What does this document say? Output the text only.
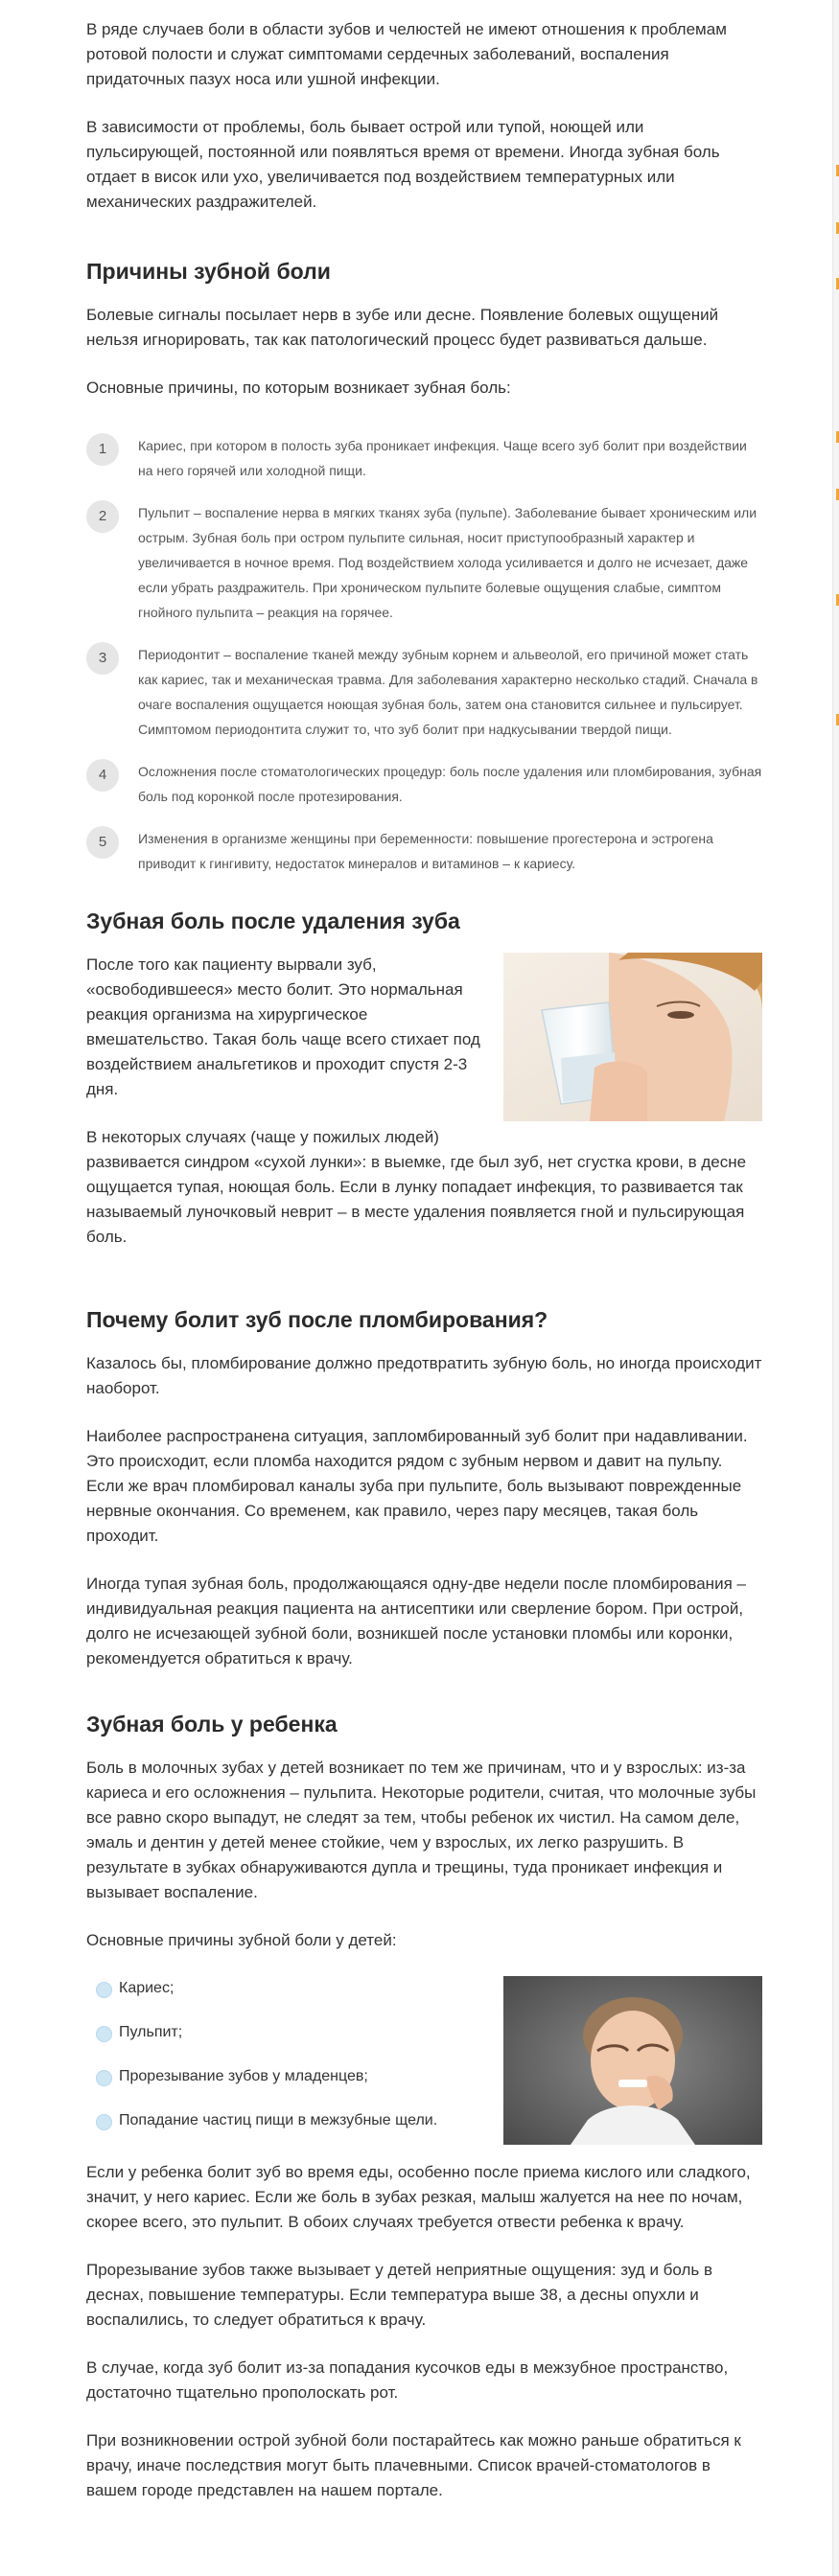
В ряде случаев боли в области зубов и челюстей не имеют отношения к проблемам ротовой полости и служат симптомами сердечных заболеваний, воспаления придаточных пазух носа или ушной инфекции.

В зависимости от проблемы, боль бывает острой или тупой, ноющей или пульсирующей, постоянной или появляться время от времени. Иногда зубная боль отдает в висок или ухо, увеличивается под воздействием температурных или механических раздражителей.

Причины зубной боли

Болевые сигналы посылает нерв в зубе или десне. Появление болевых ощущений нельзя игнорировать, так как патологический процесс будет развиваться дальше.

Основные причины, по которым возникает зубная боль:

1	Кариес, при котором в полость зуба проникает инфекция. Чаще всего зуб болит при воздействии на него горячей или холодной пищи.
2	Пульпит – воспаление нерва в мягких тканях зуба (пульпе). Заболевание бывает хроническим или острым. Зубная боль при остром пульпите сильная, носит приступообразный характер и увеличивается в ночное время. Под воздействием холода усиливается и долго не исчезает, даже если убрать раздражитель. При хроническом пульпите болевые ощущения слабые, симптом гнойного пульпита – реакция на горячее.
3	Периодонтит – воспаление тканей между зубным корнем и альвеолой, его причиной может стать как кариес, так и механическая травма. Для заболевания характерно несколько стадий. Сначала в очаге воспаления ощущается ноющая зубная боль, затем она становится сильнее и пульсирует. Симптомом периодонтита служит то, что зуб болит при надкусывании твердой пищи.
4	Осложнения после стоматологических процедур: боль после удаления или пломбирования, зубная боль под коронкой после протезирования.
5	Изменения в организме женщины при беременности: повышение прогестерона и эстрогена приводит к гингивиту, недостаток минералов и витаминов – к кариесу.
Зубная боль после удаления зуба

После того как пациенту вырвали зуб, «освободившееся» место болит. Это нормальная реакция организма на хирургическое вмешательство. Такая боль чаще всего стихает под воздействием анальгетиков и проходит спустя 2-3 дня.

В некоторых случаях (чаще у пожилых людей) развивается синдром «сухой лунки»: в выемке, где был зуб, нет сгустка крови, в десне ощущается тупая, ноющая боль. Если в лунку попадает инфекция, то развивается так называемый луночковый неврит – в месте удаления появляется гной и пульсирующая боль.

Почему болит зуб после пломбирования?

Казалось бы, пломбирование должно предотвратить зубную боль, но иногда происходит наоборот.

Наиболее распространена ситуация, запломбированный зуб болит при надавливании. Это происходит, если пломба находится рядом с зубным нервом и давит на пульпу. Если же врач пломбировал каналы зуба при пульпите, боль вызывают поврежденные нервные окончания. Со временем, как правило, через пару месяцев, такая боль проходит.

Иногда тупая зубная боль, продолжающаяся одну-две недели после пломбирования – индивидуальная реакция пациента на антисептики или сверление бором. При острой, долго не исчезающей зубной боли, возникшей после установки пломбы или коронки, рекомендуется обратиться к врачу.

Зубная боль у ребенка

Боль в молочных зубах у детей возникает по тем же причинам, что и у взрослых: из-за кариеса и его осложнения – пульпита. Некоторые родители, считая, что молочные зубы все равно скоро выпадут, не следят за тем, чтобы ребенок их чистил. На самом деле, эмаль и дентин у детей менее стойкие, чем у взрослых, их легко разрушить. В результате в зубках обнаруживаются дупла и трещины, туда проникает инфекция и вызывает воспаление.

Основные причины зубной боли у детей:

Кариес;
Пульпит;
Прорезывание зубов у младенцев;
Попадание частиц пищи в межзубные щели.

Если у ребенка болит зуб во время еды, особенно после приема кислого или сладкого, значит, у него кариес. Если же боль в зубах резкая, малыш жалуется на нее по ночам, скорее всего, это пульпит. В обоих случаях требуется отвести ребенка к врачу.

Прорезывание зубов также вызывает у детей неприятные ощущения: зуд и боль в деснах, повышение температуры. Если температура выше 38, а десны опухли и воспалились, то следует обратиться к врачу.

В случае, когда зуб болит из-за попадания кусочков еды в межзубное пространство, достаточно тщательно прополоскать рот.

При возникновении острой зубной боли постарайтесь как можно раньше обратиться к врачу, иначе последствия могут быть плачевными. Список врачей-стоматологов в вашем городе представлен на нашем портале.
